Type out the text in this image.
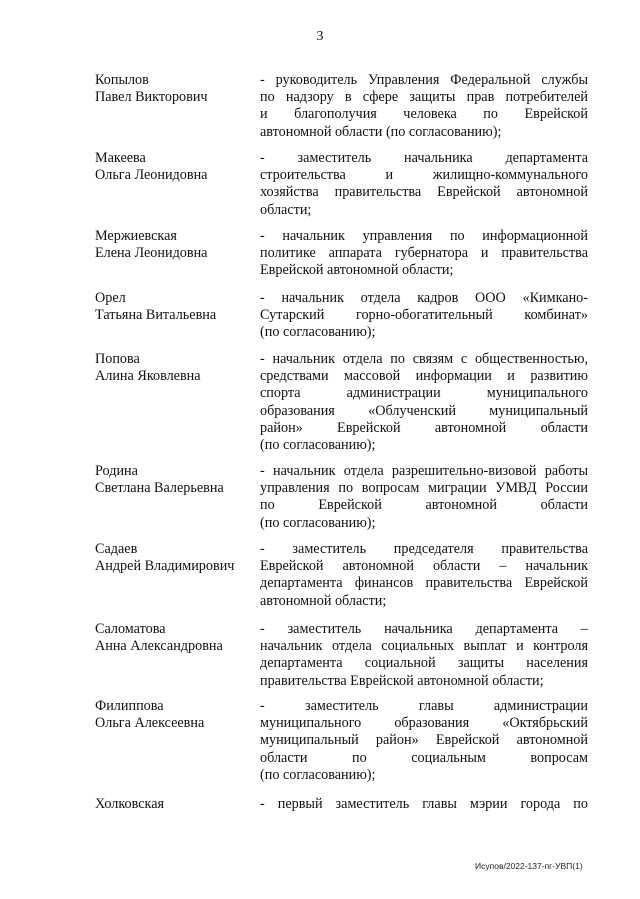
3
Копылов
Павел Викторович
- руководитель Управления Федеральной службы
по надзору в сфере защиты прав потребителей
и благополучия человека по Еврейской
автономной области (по согласованию);
Макеева
Ольга Леонидовна
- заместитель начальника департамента
строительства и жилищно-коммунального
хозяйства правительства Еврейской автономной
области;
Мержиевская
Елена Леонидовна
- начальник управления по информационной
политике аппарата губернатора и правительства
Еврейской автономной области;
Орел
Татьяна Витальевна
- начальник отдела кадров ООО «Кимкано-
Сутарский горно-обогатительный комбинат»
(по согласованию);
Попова
Алина Яковлевна
- начальник отдела по связям с общественностью,
средствами массовой информации и развитию
спорта администрации муниципального
образования «Облученский муниципальный
район» Еврейской автономной области
(по согласованию);
Родина
Светлана Валерьевна
- начальник отдела разрешительно-визовой работы
управления по вопросам миграции УМВД России
по Еврейской автономной области
(по согласованию);
Садаев
Андрей Владимирович
- заместитель председателя правительства
Еврейской автономной области – начальник
департамента финансов правительства Еврейской
автономной области;
Саломатова
Анна Александровна
- заместитель начальника департамента –
начальник отдела социальных выплат и контроля
департамента социальной защиты населения
правительства Еврейской автономной области;
Филиппова
Ольга Алексеевна
- заместитель главы администрации
муниципального образования «Октябрьский
муниципальный район» Еврейской автономной
области по социальным вопросам
(по согласованию);
Холковская	- первый заместитель главы мэрии города по
Исупов/2022-137-пг-УВП(1)
